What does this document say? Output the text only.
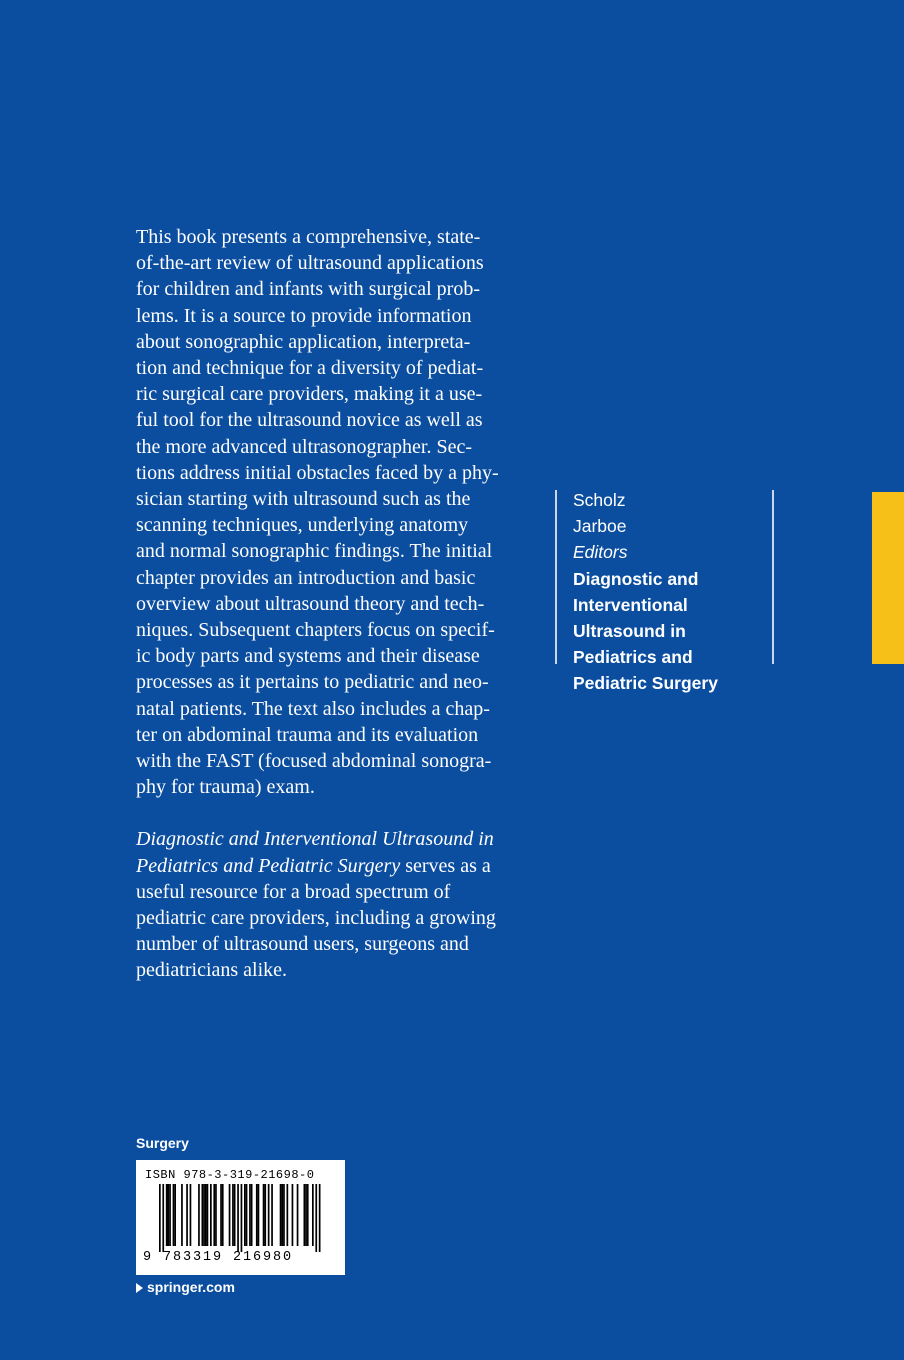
This book presents a comprehensive, state-
of-the-art review of ultrasound applications
for children and infants with surgical prob-
lems. It is a source to provide information
about sonographic application, interpreta-
tion and technique for a diversity of pediat-
ric surgical care providers, making it a use-
ful tool for the ultrasound novice as well as
the more advanced ultrasonographer. Sec-
tions address initial obstacles faced by a phy-
sician starting with ultrasound such as the
scanning techniques, underlying anatomy
and normal sonographic findings. The initial
chapter provides an introduction and basic
overview about ultrasound theory and tech-
niques. Subsequent chapters focus on specif-
ic body parts and systems and their disease
processes as it pertains to pediatric and neo-
natal patients. The text also includes a chap-
ter on abdominal trauma and its evaluation
with the FAST (focused abdominal sonogra-
phy for trauma) exam.
Diagnostic and Interventional Ultrasound in
Pediatrics and Pediatric Surgery serves as a
useful resource for a broad spectrum of
pediatric care providers, including a growing
number of ultrasound users, surgeons and
pediatricians alike.
Scholz
Jarboe
Editors
Diagnostic and
Interventional
Ultrasound in
Pediatrics and
Pediatric Surgery
Surgery
ISBN 978-3-319-21698-0
9 783319 216980
springer.com
